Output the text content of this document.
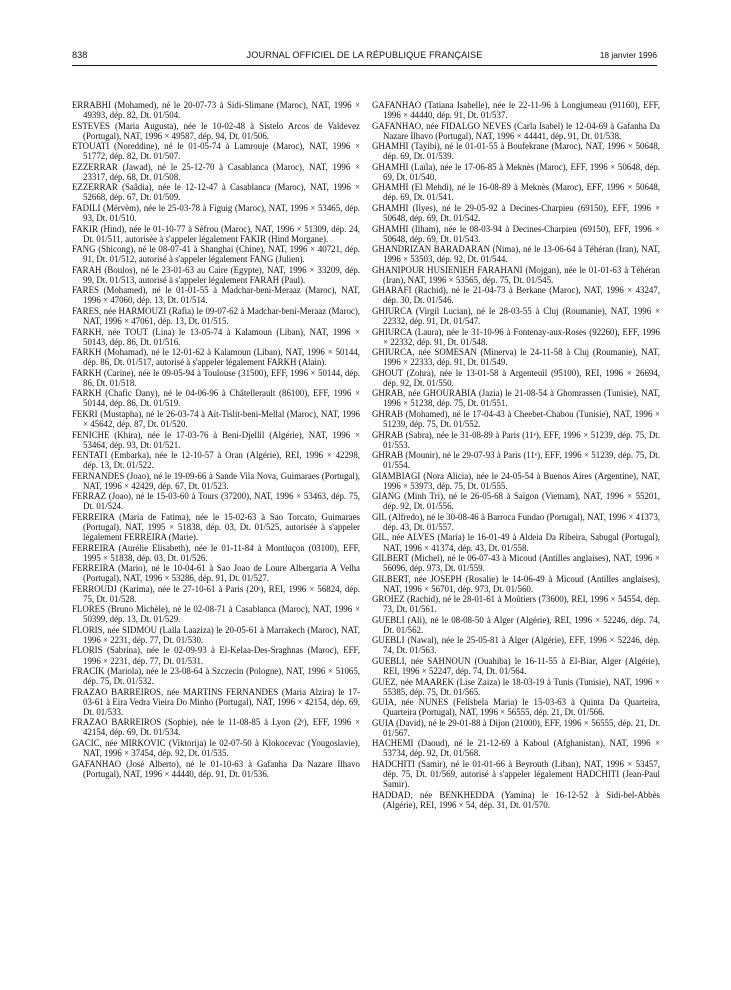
838	JOURNAL OFFICIEL DE LA RÉPUBLIQUE FRANÇAISE	18 janvier 1996

ERRABHI (Mohamed), né le 20-07-73 à Sidi-Slimane (Maroc), NAT, 1996 × 49393, dép. 82, Dt. 01/504.

ESTEVES (Maria Augusta), née le 10-02-48 à Sistelo Arcos de Valdevez (Portugal), NAT, 1996 × 49587, dép. 94, Dt. 01/506.

ETOUATI (Noreddine), né le 01-05-74 à Lamrouje (Maroc), NAT, 1996 × 51772, dép. 82, Dt. 01/507.

EZZERRAR (Jawad), né le 25-12-70 à Casablanca (Maroc), NAT, 1996 × 23317, dép. 68, Dt. 01/508.

EZZERRAR (Saâdia), née le 12-12-47 à Casablanca (Maroc), NAT, 1996 × 52668, dép. 67, Dt. 01/509.

FADILI (Mérvèm), née le 25-03-78 à Figuig (Maroc), NAT, 1996 × 53465, dép. 93, Dt. 01/510.

FAKIR (Hind), née le 01-10-77 à Séfrou (Maroc), NAT, 1996 × 51309, dép. 24, Dt. 01/511, autorisée à s'appeler légalement FAKIR (Hind Morgane).

FANG (Shicong), né le 08-07-41 à Shanghai (Chine), NAT, 1996 × 40721, dép. 91, Dt. 01/512, autorisé à s'appeler légalement FANG (Julien).

FARAH (Boulos), né le 23-01-63 au Caire (Egypte), NAT, 1996 × 33209, dép. 99, Dt. 01/513, autorisé à s'appeler légalement FARAH (Paul).

FARES (Mohamed), né le 01-01-55 à Madchar-beni-Meraaz (Maroc), NAT, 1996 × 47060, dép. 13, Dt. 01/514.

FARES, née HARMOUZI (Rafia) le 09-07-62 à Madchar-beni-Meraaz (Maroc), NAT, 1996 × 47061, dép. 13, Dt. 01/515.

FARKH, née TOUT (Lina) le 13-05-74 à Kalamoun (Liban), NAT, 1996 × 50143, dép. 86, Dt. 01/516.

FARKH (Mohamad), né le 12-01-62 à Kalamoun (Liban), NAT, 1996 × 50144, dép. 86, Dt. 01/517, autorisé à s'appeler légalement FARKH (Alain).

FARKH (Carine), née le 09-05-94 à Toulouse (31500), EFF, 1996 × 50144, dép. 86, Dt. 01/518.

FARKH (Chafic Dany), né le 04-06-96 à Châtellerault (86100), EFF, 1996 × 50144, dép. 86, Dt. 01/519.

FEKRI (Mustapha), né le 26-03-74 à Aït-Tislit-beni-Mellal (Maroc), NAT, 1996 × 45642, dép. 87, Dt. 01/520.

FENICHE (Khira), née le 17-03-76 à Beni-Djellil (Algérie), NAT, 1996 × 53464, dép. 93, Dt. 01/521.

FENTATI (Embarka), née le 12-10-57 à Oran (Algérie), REI, 1996 × 42298, dép. 13, Dt. 01/522.

FERNANDES (Joao), né le 19-09-66 à Sande Vila Nova, Guimaraes (Portugal), NAT, 1996 × 42429, dép. 67, Dt. 01/523.

FERRAZ (Joao), né le 15-03-60 à Tours (37200), NAT, 1996 × 53463, dép. 75, Dt. 01/524.

FERREIRA (Maria de Fatima), née le 15-02-63 à Sao Torcato, Guimaraes (Portugal), NAT, 1995 × 51838, dép. 03, Dt. 01/525, autorisée à s'appeler légalement FERREIRA (Marie).

FERREIRA (Aurélie Elisabeth), née le 01-11-84 à Montluçon (03100), EFF, 1995 × 51838, dép. 03, Dt. 01/526.

FERREIRA (Mario), né le 10-04-61 à Sao Joao de Loure Albergaria A Velha (Portugal), NAT, 1996 × 53286, dép. 91, Dt. 01/527.

FERROUDJ (Karima), née le 27-10-61 à Paris (20ᵉ), REI, 1996 × 56824, dép. 75, Dt. 01/528.

FLORES (Bruno Michèle), né le 02-08-71 à Casablanca (Maroc), NAT, 1996 × 50399, dép. 13, Dt. 01/529.

FLORIS, née SIDMOU (Lalla Laaziza) le 20-05-61 à Marrakech (Maroc), NAT, 1996 × 2231, dép. 77, Dt. 01/530.

FLORIS (Sabrina), née le 02-09-93 à El-Kelaa-Des-Sraghnas (Maroc), EFF, 1996 × 2231, dép. 77, Dt. 01/531.

FRACIK (Mariola), née le 23-08-64 à Szczecin (Pologne), NAT, 1996 × 51065, dép. 75, Dt. 01/532.

FRAZAO BARREIROS, née MARTINS FERNANDES (Maria Alzira) le 17-03-61 à Eira Vedra Vieira Do Minho (Portugal), NAT, 1996 × 42154, dép. 69, Dt. 01/533.

FRAZAO BARREIROS (Sophie), née le 11-08-85 à Lyon (2ᵉ), EFF, 1996 × 42154, dép. 69, Dt. 01/534.

GACIC, née MIRKOVIC (Viktorija) le 02-07-50 à Klokocevac (Yougoslavie), NAT, 1996 × 37454, dép. 92, Dt. 01/535.

GAFANHAO (José Alberto), né le 01-10-63 à Gafanha Da Nazare Ilhavo (Portugal), NAT, 1996 × 44440, dép. 91, Dt. 01/536.

GAFANHAO (Tatiana Isabelle), née le 22-11-96 à Longjumeau (91160), EFF, 1996 × 44440, dép. 91, Dt. 01/537.

GAFANHAO, née FIDALGO NEVES (Carla Isabel) le 12-04-69 à Gafanha Da Nazare Ilhavo (Portugal), NAT, 1996 × 44441, dép. 91, Dt. 01/538.

GHAMHI (Tayibi), né le 01-01-55 à Boufekrane (Maroc), NAT, 1996 × 50648, dép. 69, Dt. 01/539.

GHAMHI (Laïla), née le 17-06-85 à Meknès (Maroc), EFF, 1996 × 50648, dép. 69, Dt. 01/540.

GHAMHI (El Mehdi), né le 16-08-89 à Meknès (Maroc), EFF, 1996 × 50648, dép. 69, Dt. 01/541.

GHAMHI (Ilyes), né le 29-05-92 à Decines-Charpieu (69150), EFF, 1996 × 50648, dép. 69, Dt. 01/542.

GHAMHI (Ilham), née le 08-03-94 à Decines-Charpieu (69150), EFF, 1996 × 50648, dép. 69, Dt. 01/543.

GHANDRIZAN BARADARAN (Nima), né le 13-06-64 à Téhéran (Iran), NAT, 1996 × 53503, dép. 92, Dt. 01/544.

GHANIPOUR HUSIENIEH FARAHANI (Mojgan), née le 01-01-63 à Téhéran (Iran), NAT, 1996 × 53565, dép. 75, Dt. 01/545.

GHARAFI (Rachid), né le 21-04-73 à Berkane (Maroc), NAT, 1996 × 43247, dép. 30, Dt. 01/546.

GHIURCA (Virgil Lucian), né le 28-03-55 à Cluj (Roumanie), NAT, 1996 × 22332, dép. 91, Dt. 01/547.

GHIURCA (Laura), née le 31-10-96 à Fontenay-aux-Roses (92260), EFF, 1996 × 22332, dép. 91, Dt. 01/548.

GHIURCA, née SOMESAN (Minerva) le 24-11-58 à Cluj (Roumanie), NAT, 1996 × 22333, dép. 91, Dt. 01/549.

GHOUT (Zohra), née le 13-01-58 à Argenteuil (95100), REI, 1996 × 26694, dép. 92, Dt. 01/550.

GHRAB, née GHOURABIA (Jazia) le 21-08-54 à Ghomrassen (Tunisie), NAT, 1996 × 51238, dép. 75, Dt. 01/551.

GHRAB (Mohamed), né le 17-04-43 à Cheebet-Chabou (Tunisie), NAT, 1996 × 51239, dép. 75, Dt. 01/552.

GHRAB (Sabra), née le 31-08-89 à Paris (11ᵉ), EFF, 1996 × 51239, dép. 75, Dt. 01/553.

GHRAB (Mounir), né le 29-07-93 à Paris (11ᵉ), EFF, 1996 × 51239, dép. 75, Dt. 01/554.

GIAMBIAGI (Nora Alicia), née le 24-05-54 à Buenos Aires (Argentine), NAT, 1996 × 53973, dép. 75, Dt. 01/555.

GIANG (Minh Tri), né le 26-05-68 à Saïgon (Vietnam), NAT, 1996 × 55201, dép. 92, Dt. 01/556.

GIL (Alfredo), né le 30-08-46 à Barroca Fundao (Portugal), NAT, 1996 × 41373, dép. 43, Dt. 01/557.

GIL, née ALVES (Maria) le 16-01-49 à Aldeia Da Ribeira, Sabugal (Portugal), NAT, 1996 × 41374, dép. 43, Dt. 01/558.

GILBERT (Michel), né le 06-07-43 à Micoud (Antilles anglaises), NAT, 1996 × 56096, dép. 973, Dt. 01/559.

GILBERT, née JOSEPH (Rosalie) le 14-06-49 à Micoud (Antilles anglaises), NAT, 1996 × 56701, dép. 973, Dt. 01/560.

GROIEZ (Rachid), né le 28-01-61 à Moûtiers (73600), REI, 1996 × 54554, dép. 73, Dt. 01/561.

GUEBLI (Ali), né le 08-08-50 à Alger (Algérie), REI, 1996 × 52246, dép. 74, Dt. 01/562.

GUEBLI (Nawal), née le 25-05-81 à Alger (Algérie), EFF, 1996 × 52246, dép. 74, Dt. 01/563.

GUEBLI, née SAHNOUN (Ouahiba) le 16-11-55 à El-Biar, Alger (Algérie), REI, 1996 × 52247, dép. 74, Dt. 01/564.

GUEZ, née MAAREK (Lise Zaiza) le 18-03-19 à Tunis (Tunisie), NAT, 1996 × 55385, dép. 75, Dt. 01/565.

GUIA, née NUNES (Felisbela Maria) le 15-03-63 à Quinta Da Quarteira, Quarteira (Portugal), NAT, 1996 × 56555, dép. 21, Dt. 01/566.

GUIA (David), né le 29-01-88 à Dijon (21000), EFF, 1996 × 56555, dép. 21, Dt. 01/567.

HACHEMI (Daoud), né le 21-12-69 à Kaboul (Afghanistan), NAT, 1996 × 53734, dép. 92, Dt. 01/568.

HADCHITI (Samir), né le 01-01-66 à Beyrouth (Liban), NAT, 1996 × 53457, dép. 75, Dt. 01/569, autorisé à s'appeler légalement HADCHITI (Jean-Paul Samir).

HADDAD, née BENKHEDDA (Yamina) le 16-12-52 à Sidi-bel-Abbès (Algérie), REI, 1996 × 54, dép. 31, Dt. 01/570.
